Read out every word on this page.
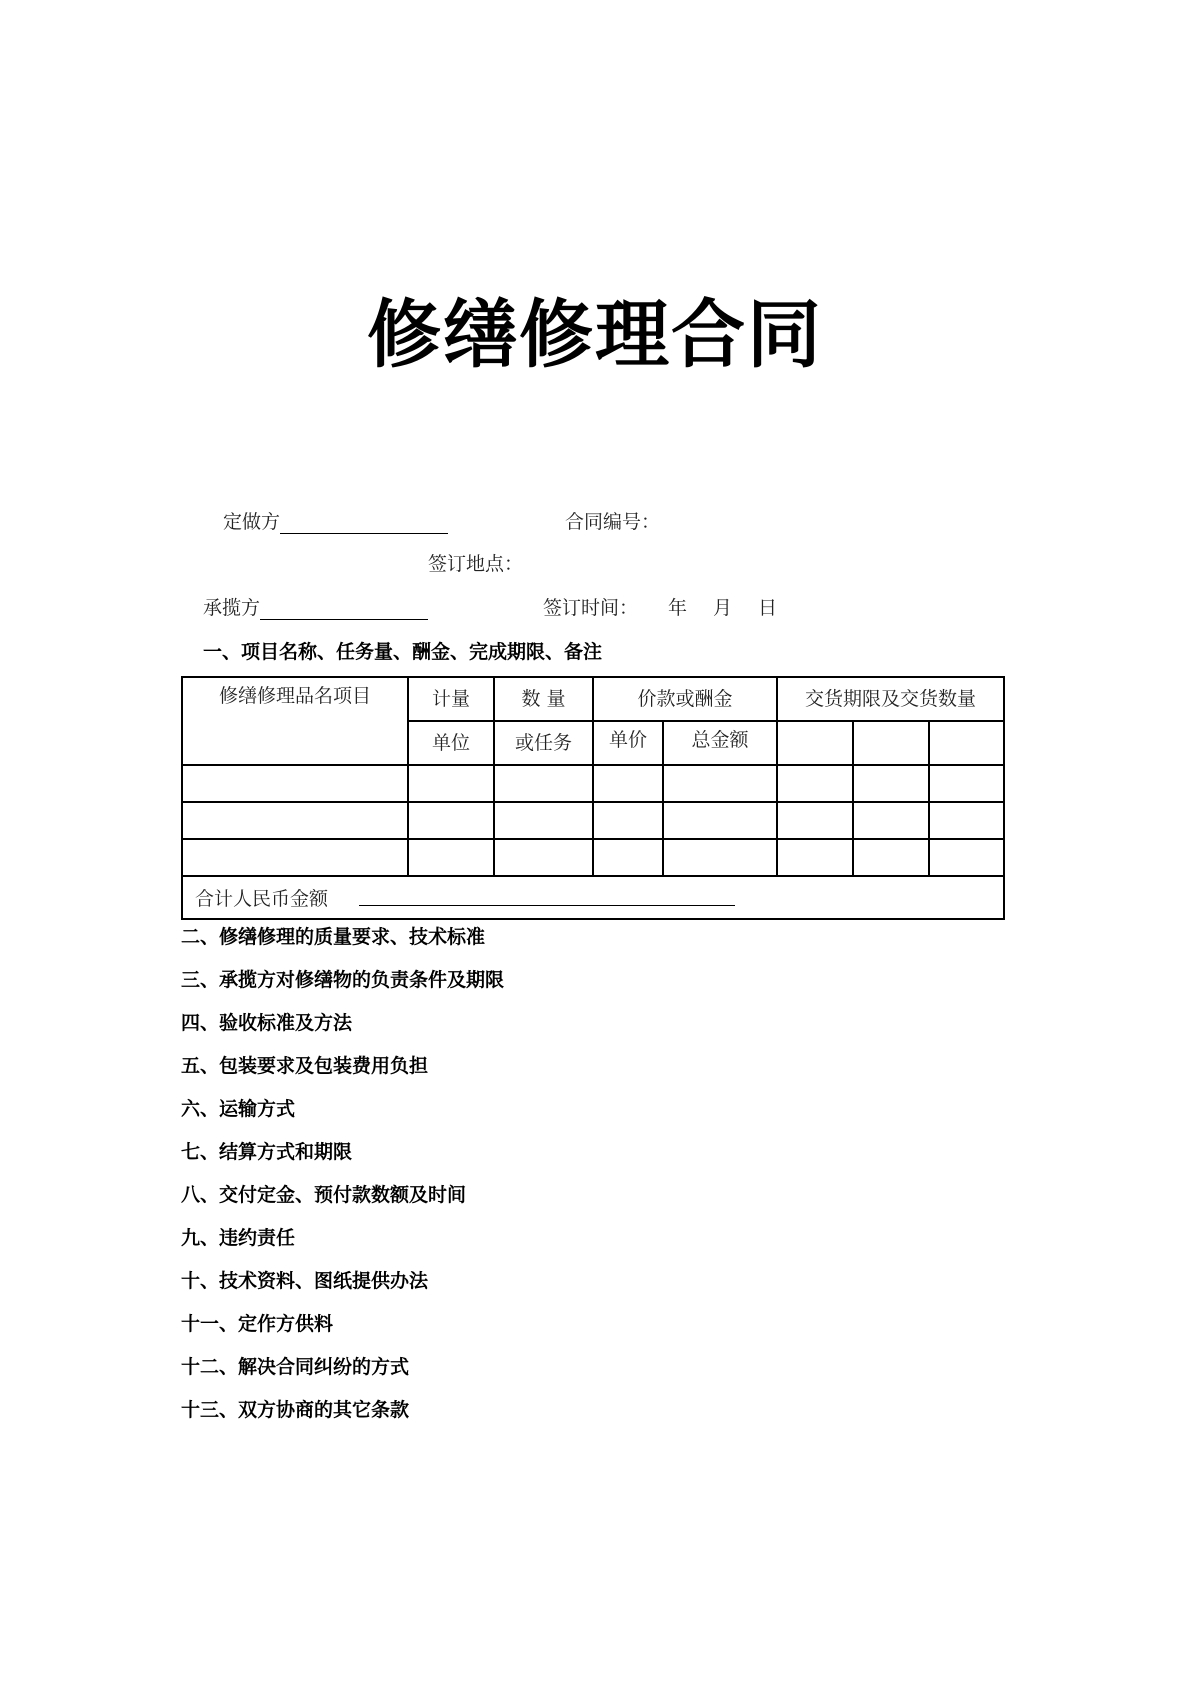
修缮修理合同
定做方	合同编号：
签订地点：
承揽方	签订时间： 年 月 日
一、项目名称、任务量、酬金、完成期限、备注
修缮修理品名项目	计量	数 量	价款或酬金		交货期限及交货数量		
	单位	或任务	单价	总金额			

合计人民币金额							
二、修缮修理的质量要求、技术标准
三、承揽方对修缮物的负责条件及期限
四、验收标准及方法
五、包装要求及包装费用负担
六、运输方式
七、结算方式和期限
八、交付定金、预付款数额及时间
九、违约责任
十、技术资料、图纸提供办法
十一、定作方供料
十二、解决合同纠纷的方式
十三、双方协商的其它条款
